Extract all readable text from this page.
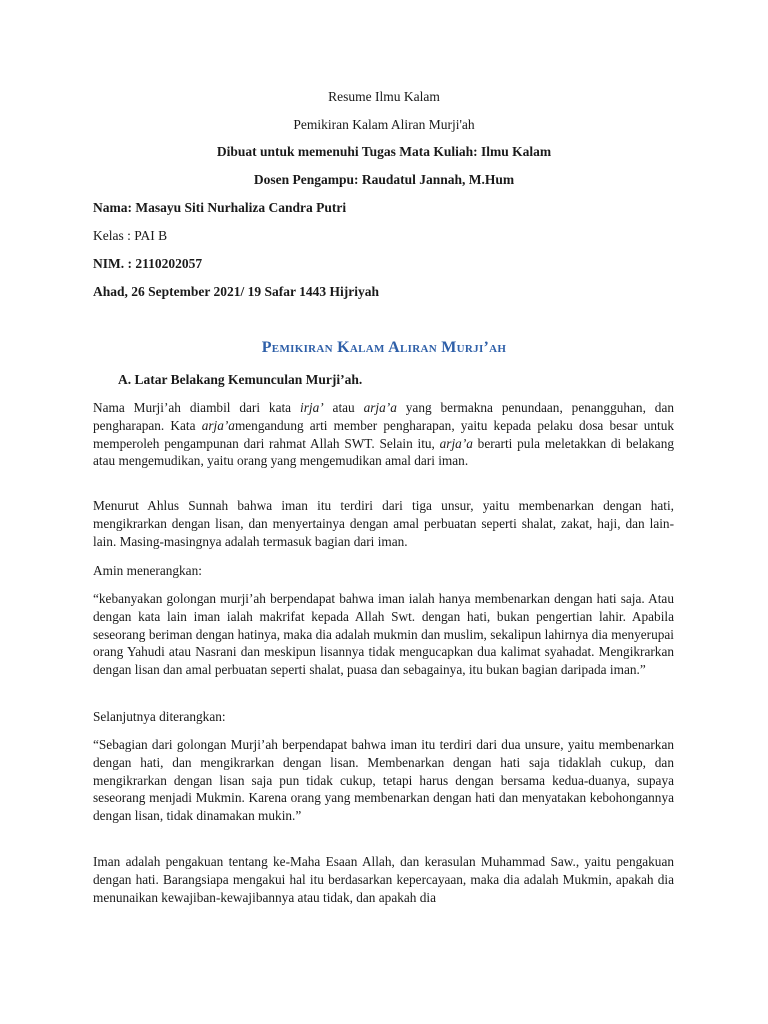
Resume Ilmu Kalam

Pemikiran Kalam Aliran Murji'ah

Dibuat untuk memenuhi Tugas Mata Kuliah: Ilmu Kalam

Dosen Pengampu: Raudatul Jannah, M.Hum

Nama: Masayu Siti Nurhaliza Candra Putri

Kelas : PAI B

NIM. : 2110202057

Ahad, 26 September 2021/ 19 Safar 1443 Hijriyah

Pemikiran Kalam Aliran Murji’ah
A. Latar Belakang Kemunculan Murji’ah.

Nama Murji’ah diambil dari kata irja’ atau arja’a yang bermakna penundaan, penangguhan, dan pengharapan. Kata arja’amengandung arti member pengharapan, yaitu kepada pelaku dosa besar untuk memperoleh pengampunan dari rahmat Allah SWT. Selain itu, arja’a berarti pula meletakkan di belakang atau mengemudikan, yaitu orang yang mengemudikan amal dari iman.

Menurut Ahlus Sunnah bahwa iman itu terdiri dari tiga unsur, yaitu membenarkan dengan hati, mengikrarkan dengan lisan, dan menyertainya dengan amal perbuatan seperti shalat, zakat, haji, dan lain-lain. Masing-masingnya adalah termasuk bagian dari iman.

Amin menerangkan:

“kebanyakan golongan murji’ah berpendapat bahwa iman ialah hanya membenarkan dengan hati saja. Atau dengan kata lain iman ialah makrifat kepada Allah Swt. dengan hati, bukan pengertian lahir. Apabila seseorang beriman dengan hatinya, maka dia adalah mukmin dan muslim, sekalipun lahirnya dia menyerupai orang Yahudi atau Nasrani dan meskipun lisannya tidak mengucapkan dua kalimat syahadat. Mengikrarkan dengan lisan dan amal perbuatan seperti shalat, puasa dan sebagainya, itu bukan bagian daripada iman.”

Selanjutnya diterangkan:

“Sebagian dari golongan Murji’ah berpendapat bahwa iman itu terdiri dari dua unsure, yaitu membenarkan dengan hati, dan mengikrarkan dengan lisan. Membenarkan dengan hati saja tidaklah cukup, dan mengikrarkan dengan lisan saja pun tidak cukup, tetapi harus dengan bersama kedua-duanya, supaya seseorang menjadi Mukmin. Karena orang yang membenarkan dengan hati dan menyatakan kebohongannya dengan lisan, tidak dinamakan mukin.”

Iman adalah pengakuan tentang ke-Maha Esaan Allah, dan kerasulan Muhammad Saw., yaitu pengakuan dengan hati. Barangsiapa mengakui hal itu berdasarkan kepercayaan, maka dia adalah Mukmin, apakah dia menunaikan kewajiban-kewajibannya atau tidak, dan apakah dia
